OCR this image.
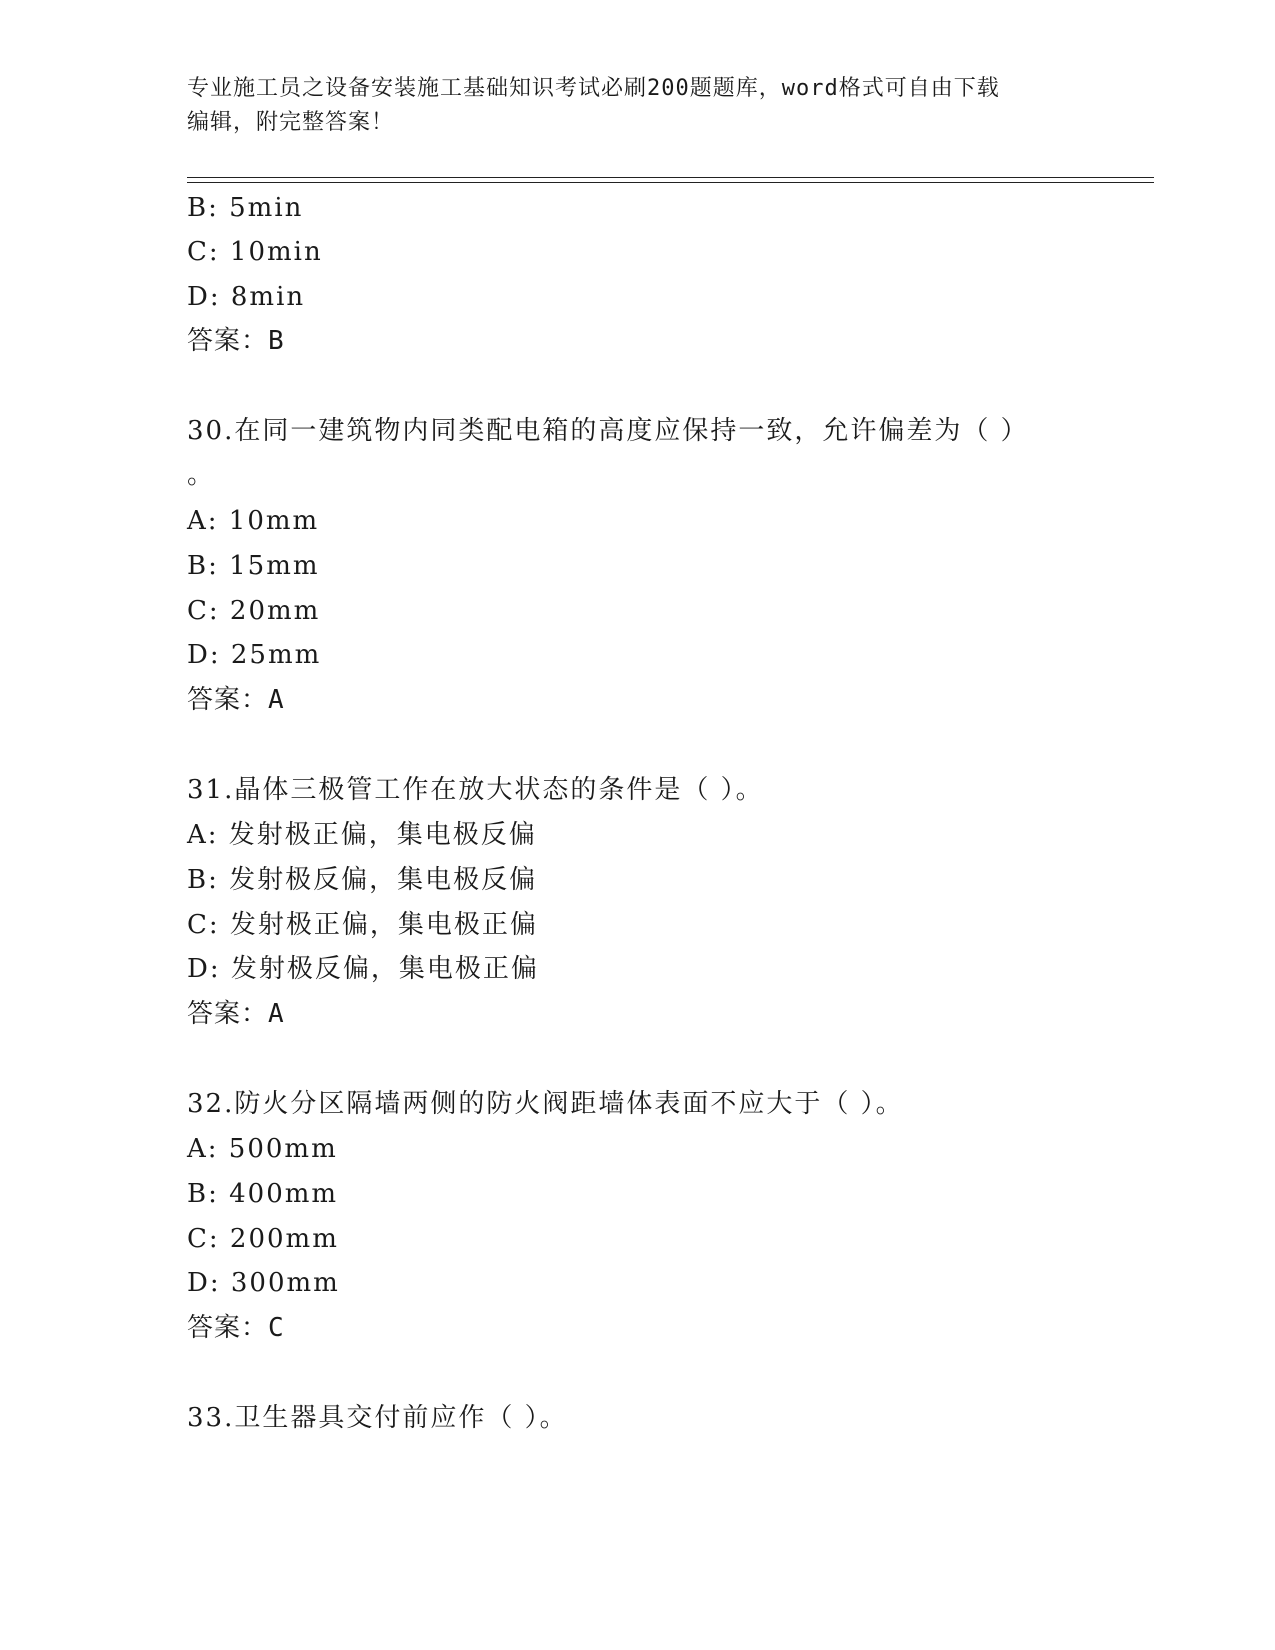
专业施工员之设备安装施工基础知识考试必刷200题题库，word格式可自由下载
编辑，附完整答案！
B: 5min
C: 10min
D: 8min
答案：B
30.在同一建筑物内同类配电箱的高度应保持一致，允许偏差为（ ）
。
A: 10mm
B: 15mm
C: 20mm
D: 25mm
答案：A
31.晶体三极管工作在放大状态的条件是（ ）。
A: 发射极正偏，集电极反偏
B: 发射极反偏，集电极反偏
C: 发射极正偏，集电极正偏
D: 发射极反偏，集电极正偏
答案：A
32.防火分区隔墙两侧的防火阀距墙体表面不应大于（ ）。
A: 500mm
B: 400mm
C: 200mm
D: 300mm
答案：C
33.卫生器具交付前应作（ ）。
